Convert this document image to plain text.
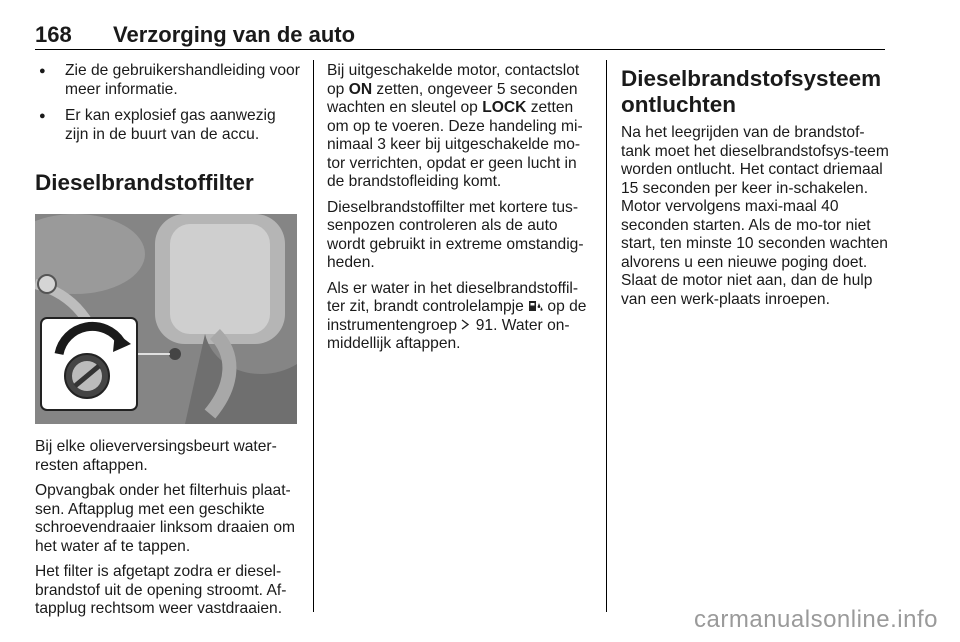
168 Verzorging van de auto
● Zie de gebruikershandleiding voor meer informatie.
● Er kan explosief gas aanwezig zijn in de buurt van de accu.
Dieselbrandstoffilter

Bij elke olieverversingsbeurt water-resten aftappen.

Opvangbak onder het filterhuis plaat-sen. Aftapplug met een geschikte schroevendraaier linksom draaien om het water af te tappen.

Het filter is afgetapt zodra er diesel-brandstof uit de opening stroomt. Af-tapplug rechtsom weer vastdraaien.

Bij uitgeschakelde motor, contactslot op ON zetten, ongeveer 5 seconden wachten en sleutel op LOCK zetten om op te voeren. Deze handeling mi-nimaal 3 keer bij uitgeschakelde mo-tor verrichten, opdat er geen lucht in de brandstofleiding komt.

Dieselbrandstoffilter met kortere tus-senpozen controleren als de auto wordt gebruikt in extreme omstandig-heden.

Als er water in het dieselbrandstoffil-ter zit, brandt controlelampje  op de instrumentengroep  91. Water on-middellijk aftappen.

Dieselbrandstofsysteem ontluchten

Na het leegrijden van de brandstof-tank moet het dieselbrandstofsys-teem worden ontlucht. Het contact driemaal 15 seconden per keer in-schakelen. Motor vervolgens maxi-maal 40 seconden starten. Als de mo-tor niet start, ten minste 10 seconden wachten alvorens u een nieuwe poging doet. Slaat de motor niet aan, dan de hulp van een werk-plaats inroepen.

carmanualsonline.info
